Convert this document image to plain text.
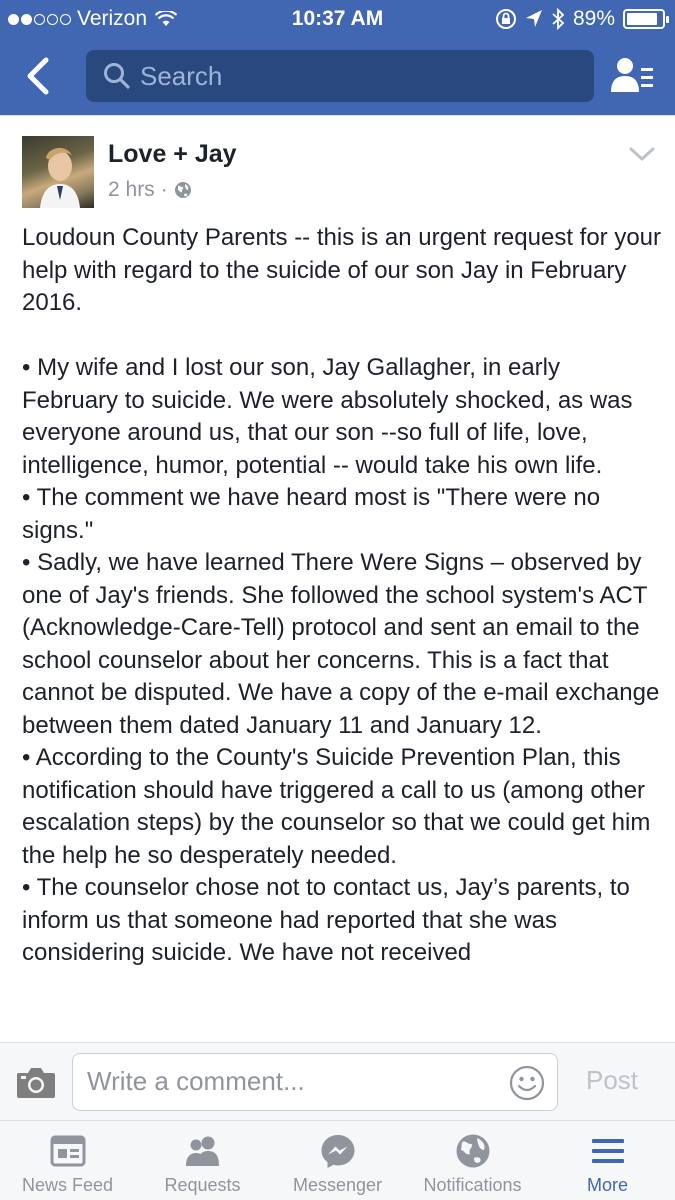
Verizon	10:37 AM	89%
Search
Love + Jay
2 hrs ·

Loudoun County Parents -- this is an urgent request for your help with regard to the suicide of our son Jay in February 2016.

• My wife and I lost our son, Jay Gallagher, in early February to suicide. We were absolutely shocked, as was everyone around us, that our son --so full of life, love, intelligence, humor, potential -- would take his own life.

• The comment we have heard most is "There were no signs."

• Sadly, we have learned There Were Signs – observed by one of Jay's friends. She followed the school system's ACT (Acknowledge-Care-Tell) protocol and sent an email to the school counselor about her concerns. This is a fact that cannot be disputed. We have a copy of the e-mail exchange between them dated January 11 and January 12.

• According to the County's Suicide Prevention Plan, this notification should have triggered a call to us (among other escalation steps) by the counselor so that we could get him the help he so desperately needed.

• The counselor chose not to contact us, Jay’s parents, to inform us that someone had reported that she was considering suicide. We have not received

Write a comment...
Post
News Feed	Requests	Messenger	Notifications	More
